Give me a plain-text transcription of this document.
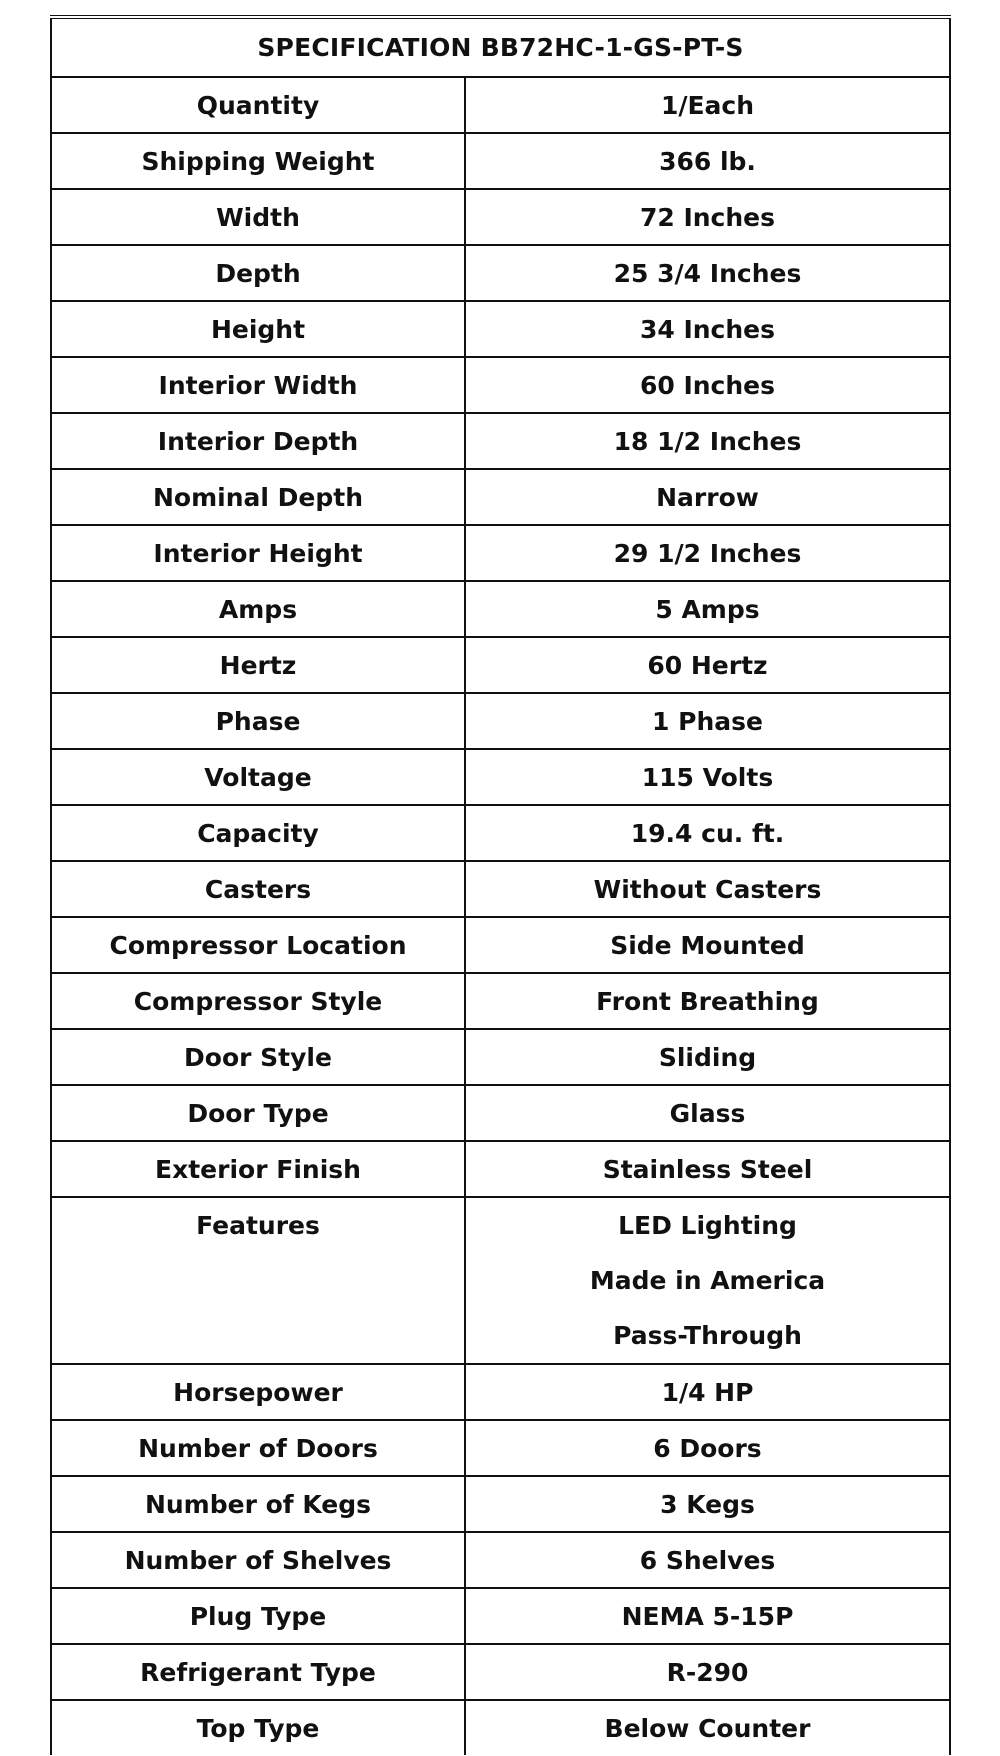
SPECIFICATION BB72HC-1-GS-PT-S	
Quantity	1/Each
Shipping Weight	366 lb.
Width	72 Inches
Depth	25 3/4 Inches
Height	34 Inches
Interior Width	60 Inches
Interior Depth	18 1/2 Inches
Nominal Depth	Narrow
Interior Height	29 1/2 Inches
Amps	5 Amps
Hertz	60 Hertz
Phase	1 Phase
Voltage	115 Volts
Capacity	19.4 cu. ft.
Casters	Without Casters
Compressor Location	Side Mounted
Compressor Style	Front Breathing
Door Style	Sliding
Door Type	Glass
Exterior Finish	Stainless Steel

Features	LED Lighting
Made in America
Pass-Through

Horsepower	1/4 HP
Number of Doors	6 Doors
Number of Kegs	3 Kegs
Number of Shelves	6 Shelves
Plug Type	NEMA 5-15P
Refrigerant Type	R-290
Top Type	Below Counter
